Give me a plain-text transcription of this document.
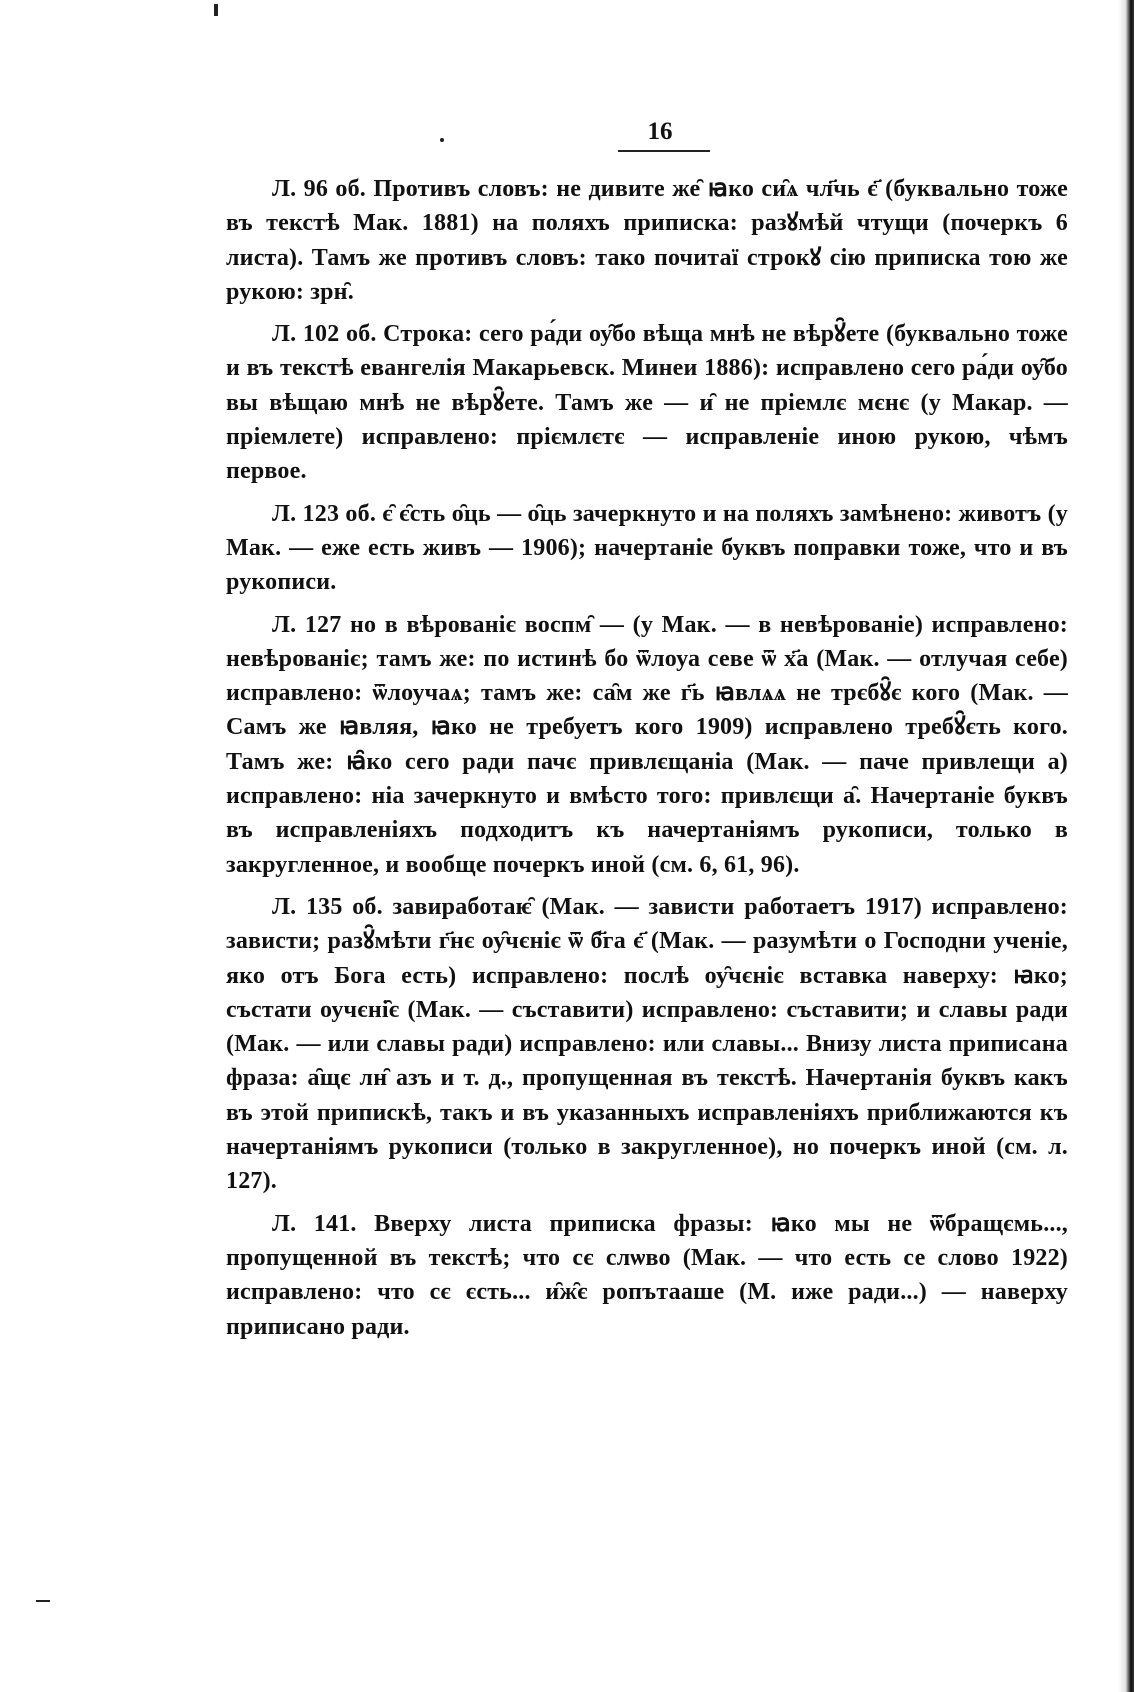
16

Л. 96 об. Противъ словъ: не дивите же̑ ꙗко си̑ѧ чл҃чь є҃ (буквально тоже въ текстѣ Мак. 1881) на поляхъ приписка: разꙋмѣй чтущи (почеркъ 6 листа). Тамъ же противъ словъ: тако почитаї строкꙋ сію приписка тою же рукою: зрн̑.

Л. 102 об. Строка: сего ра́ди оу̑бо вѣща мнѣ не вѣрꙋ̑ете (буквально тоже и въ текстѣ евангелія Макарьевск. Минеи 1886): исправлено сего ра́ди оу̑бо вы вѣщаю мнѣ не вѣрꙋ̑ете. Тамъ же — и̑ не пріемлє мєнє (у Макар. — пріемлете) исправлено: пріємлєтє — исправленіе иною рукою, чѣмъ первое.

Л. 123 об. є̑ є̑сть о̑ць — о̑ць зачеркнуто и на поляхъ замѣнено: животъ (у Мак. — еже есть живъ — 1906); начертаніе буквъ поправки тоже, что и въ рукописи.

Л. 127 но в вѣрованіє воспм̑ — (у Мак. — в невѣрованіе) исправлено: невѣрованіє; тамъ же: по истинѣ бо ѿлоуа севе ѿ х҃а (Мак. — отлучая себе) исправлено: ѿлоучаѧ; тамъ же: са̑м же г҃ь ꙗвлѧѧ не трєбꙋ̑є кого (Мак. — Самъ же ꙗвляя, ꙗко не требуетъ кого 1909) исправлено требꙋ̑єть кого. Тамъ же: ꙗ̑ко сего ради пачє привлєщаніа (Мак. — паче привлещи а) исправлено: ніа зачеркнуто и вмѣсто того: привлєщи а̑. Начертаніе буквъ въ исправленіяхъ подходитъ къ начертаніямъ рукописи, только в закругленное, и вообще почеркъ иной (см. 6, 61, 96).

Л. 135 об. завиработаѥ̑ (Мак. — зависти работаетъ 1917) исправлено: зависти; разꙋ̑мѣти г҃нє оу̑чєніє ѿ б҃га є҃ (Мак. — разумѣти о Господни ученіе, яко отъ Бога есть) исправлено: послѣ оу̑чєніє вставка наверху: ꙗко; състати оучєні̑є (Мак. — съставити) исправлено: съставити; и славы ради (Мак. — или славы ради) исправлено: или славы... Внизу листа приписана фраза: а̑щє лн̑ азъ и т. д., пропущенная въ текстѣ. Начертанія буквъ какъ въ этой припискѣ, такъ и въ указанныхъ исправленіяхъ приближаются къ начертаніямъ рукописи (только в закругленное), но почеркъ иной (см. л. 127).

Л. 141. Вверху листа приписка фразы: ꙗко мы не ѿбращємь..., пропущенной въ текстѣ; что сє слѡво (Мак. — что есть се слово 1922) исправлено: что сє єсть... и̑ж̑є ропътааше (М. иже ради...) — наверху приписано ради.
